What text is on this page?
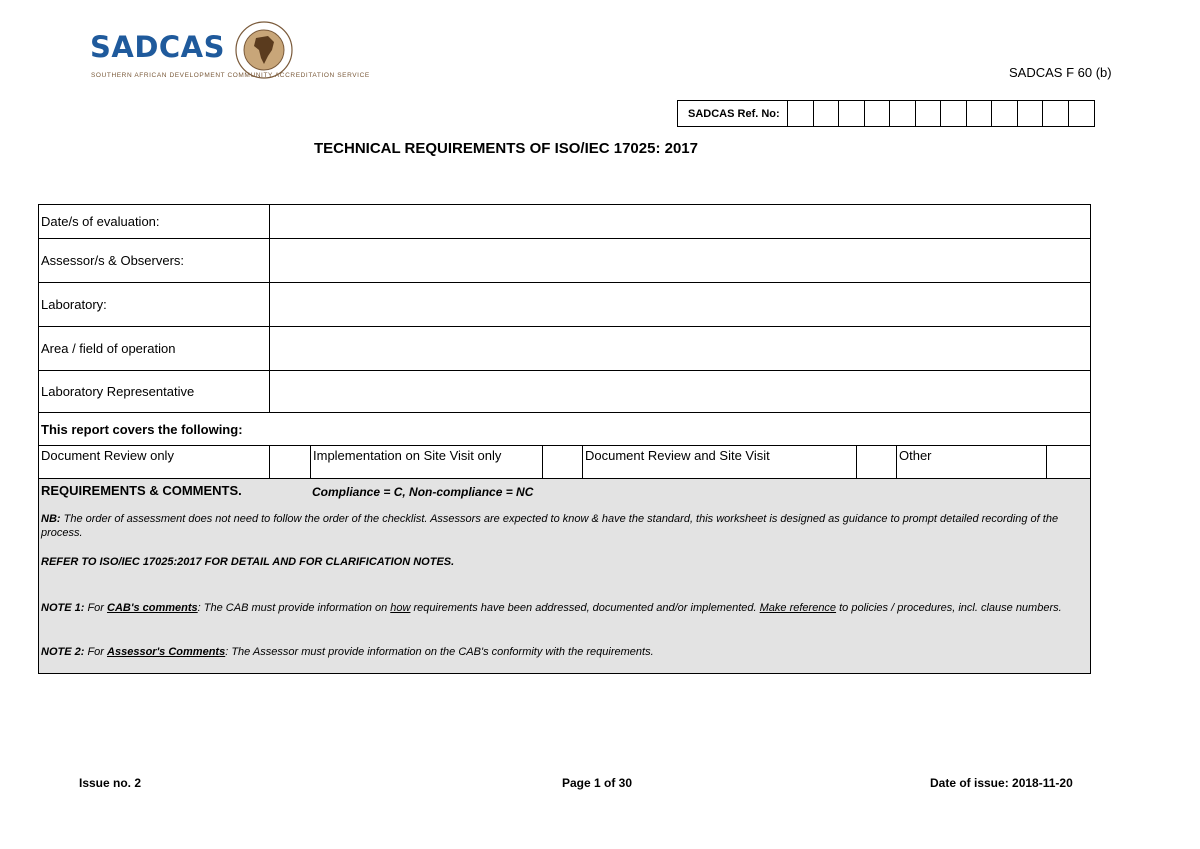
SADCAS
SOUTHERN AFRICAN DEVELOPMENT COMMUNITY ACCREDITATION SERVICE	SADCAS F 60 (b)
SADCAS Ref. No:
TECHNICAL REQUIREMENTS OF ISO/IEC 17025: 2017
Date/s of evaluation:
Assessor/s & Observers:
Laboratory:
Area / field of operation
Laboratory Representative
This report covers the following:
Document Review only	Implementation on Site Visit only	Document Review and Site Visit	Other

REQUIREMENTS & COMMENTS.	Compliance = C, Non-compliance = NC

NB: The order of assessment does not need to follow the order of the checklist. Assessors are expected to know & have the standard, this worksheet is designed as guidance to prompt detailed recording of the process.

REFER TO ISO/IEC 17025:2017 FOR DETAIL AND FOR CLARIFICATION NOTES.

NOTE 1: For CAB's comments: The CAB must provide information on how requirements have been addressed, documented and/or implemented. Make reference to policies / procedures, incl. clause numbers.

NOTE 2: For Assessor's Comments: The Assessor must provide information on the CAB's conformity with the requirements.

Issue no. 2	Page 1 of 30	Date of issue: 2018-11-20
